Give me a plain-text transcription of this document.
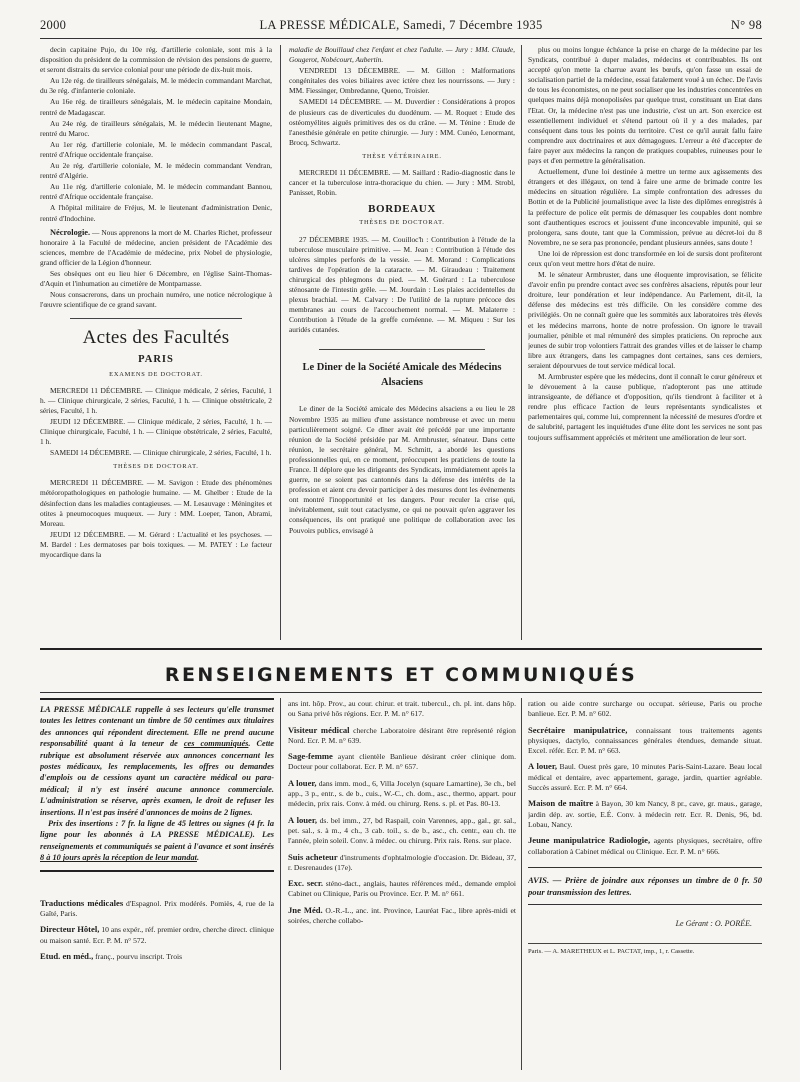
2000	LA PRESSE MÉDICALE, Samedi, 7 Décembre 1935	N° 98

decin capitaine Pujo, du 10e rég. d'artillerie coloniale, sont mis à la disposition du président de la commission de révision des pensions de guerre, et seront distraits du service colonial pour une période de dix-huit mois.

Au 12e rég. de tirailleurs sénégalais, M. le médecin commandant Marchat, du 3e rég. d'infanterie coloniale.

Au 16e rég. de tirailleurs sénégalais, M. le médecin capitaine Mondain, rentré de Madagascar.

Au 24e rég. de tirailleurs sénégalais, M. le médecin lieutenant Magne, rentré du Maroc.

Au 1er rég. d'artillerie coloniale, M. le médecin commandant Pascal, rentré d'Afrique occidentale française.

Au 2e rég. d'artillerie coloniale, M. le médecin commandant Vendran, rentré d'Algérie.

Au 11e rég. d'artillerie coloniale, M. le médecin commandant Bannou, rentré d'Afrique occidentale française.

A l'hôpital militaire de Fréjus, M. le lieutenant d'administration Denic, rentré d'Indochine.

Nécrologie. — Nous apprenons la mort de M. Charles Richet, professeur honoraire à la Faculté de médecine, ancien président de l'Académie des sciences, membre de l'Académie de médecine, prix Nobel de physiologie, grand officier de la Légion d'honneur.

Ses obsèques ont eu lieu hier 6 Décembre, en l'église Saint-Thomas-d'Aquin et l'inhumation au cimetière de Montparnasse.

Nous consacrerons, dans un prochain numéro, une notice nécrologique à l'œuvre scientifique de ce grand savant.

Actes des Facultés
PARIS
EXAMENS DE DOCTORAT.

MERCREDI 11 DÉCEMBRE. — Clinique médicale, 2 séries, Faculté, 1 h. — Clinique chirurgicale, 2 séries, Faculté, 1 h. — Clinique obstétricale, 2 séries, Faculté, 1 h.

JEUDI 12 DÉCEMBRE. — Clinique médicale, 2 séries, Faculté, 1 h. — Clinique chirurgicale, Faculté, 1 h. — Clinique obstétricale, 2 séries, Faculté, 1 h.

SAMEDI 14 DÉCEMBRE. — Clinique chirurgicale, 2 séries, Faculté, 1 h.

THÈSES DE DOCTORAT.

MERCREDI 11 DÉCEMBRE. — M. Savigon : Etude des phénomènes météoropathologiques en pathologie humaine. — M. Ghelber : Etude de la désinfection dans les maladies contagieuses. — M. Lesauvage : Méningites et otites à pneumocoques muqueux. — Jury : MM. Loeper, Tanon, Abrami, Moreau.

JEUDI 12 DÉCEMBRE. — M. Gérard : L'actualité et les psychoses. — M. Bardel : Les dermatoses par bois toxiques. — M. PATEY : Le facteur myocardique dans la

maladie de Bouillaud chez l'enfant et chez l'adulte. — Jury : MM. Claude, Gougerot, Nobécourt, Aubertin.

VENDREDI 13 DÉCEMBRE. — M. Gillon : Malformations congénitales des voies biliaires avec ictère chez les nourrissons. — Jury : MM. Fiessinger, Ombredanne, Queno, Troisier.

SAMEDI 14 DÉCEMBRE. — M. Duverdier : Considérations à propos de plusieurs cas de diverticules du duodénum. — M. Roquet : Etude des ostéomyélites aiguës primitives des os du crâne. — M. Ténine : Etude de l'anesthésie générale en petite chirurgie. — Jury : MM. Cunéo, Lenormant, Brocq, Schwartz.

THÈSE VÉTÉRINAIRE.

MERCREDI 11 DÉCEMBRE. — M. Saillard : Radio-diagnostic dans le cancer et la tuberculose intra-thoracique du chien. — Jury : MM. Strobl, Panisset, Robin.

BORDEAUX
THÈSES DE DOCTORAT.

27 DÉCEMBRE 1935. — M. Couilloc'h : Contribution à l'étude de la tuberculose musculaire primitive. — M. Jean : Contribution à l'étude des ulcères simples perforés de la vessie. — M. Morand : Complications tardives de l'opération de la cataracte. — M. Giraudeau : Traitement chirurgical des phlegmons du pied. — M. Guérard : La tuberculose sténosante de l'intestin grêle. — M. Jourdain : Les plaies accidentelles du plexus brachial. — M. Calvary : De l'utilité de la rupture précoce des membranes au cours de l'accouchement normal. — M. Malaterre : Contribution à l'étude de la greffe cornéenne. — M. Miqueu : Sur les auridés cutanées.

Le Diner de la Société Amicale des Médecins Alsaciens

Le diner de la Société amicale des Médecins alsaciens a eu lieu le 28 Novembre 1935 au milieu d'une assistance nombreuse et avec un menu particulièrement soigné. Ce dîner avait été précédé par une importante réunion de la Société présidée par M. Armbruster, sénateur. Dans cette réunion, le secrétaire général, M. Schmitt, a abordé les questions professionnelles qui, en ce moment, préoccupent les praticiens de toute la France. Il déplore que les dirigeants des Syndicats, immédiatement après la guerre, ne se soient pas cantonnés dans la défense des intérêts de la profession et aient cru devoir participer à des mesures dont les événements ont montré l'inopportunité et les dangers. Pour reculer la crise qui, inévitablement, suit tout cataclysme, ce qui ne pouvait qu'en aggraver les conséquences, ils ont pratiqué une politique de collaboration avec les Pouvoirs publics, envisagé à

plus ou moins longue échéance la prise en charge de la médecine par les Syndicats, contribué à duper malades, médecins et contribuables. Ils ont accepté qu'on mette la charrue avant les bœufs, qu'on fasse un essai de socialisation partiel de la médecine, essai fatalement voué à un échec. De l'avis de tous les économistes, on ne peut socialiser que les industries concentrées en quelques mains déjà monopolisées par quelque trust, constituant un Etat dans l'Etat. Or, la médecine n'est pas une industrie, c'est un art. Son exercice est essentiellement individuel et s'étend partout où il y a des malades, par conséquent dans tous les points du territoire. C'est ce qu'il aurait fallu faire comprendre aux doctrinaires et aux démagogues. L'erreur a été d'accepter de faire payer aux médecins la rançon de pratiques coupables, ruineuses pour le pays et d'en permettre la généralisation.

Actuellement, d'une loi destinée à mettre un terme aux agissements des étrangers et des illégaux, on tend à faire une arme de brimade contre les médecins en situation régulière. La simple confrontation des adresses du Bottin et de la Publicité journalistique avec la liste des diplômes enregistrés à la préfecture de police eût permis de démasquer les coupables dont nombre sont d'authentiques escrocs et jouissent d'une inconcevable impunité, qui se prolongera, sans doute, tant que la Commission, prévue au décret-loi du 8 Novembre, ne se sera pas prononcée, pendant plusieurs années, sans doute !

Une loi de répression est donc transformée en loi de sursis dont profiteront ceux qu'on veut mettre hors d'état de nuire.

M. le sénateur Armbruster, dans une éloquente improvisation, se félicite d'avoir enfin pu prendre contact avec ses confrères alsaciens, réputés pour leur droiture, leur pondération et leur indépendance. Au Parlement, dit-il, la défense des médecins est très difficile. On les considère comme des privilégiés. On ne connaît guère que les sommités aux laboratoires très élevés et les médecins marrons, honte de notre profession. On ignore le travail journalier, pénible et mal rémunéré des simples praticiens. On reproche aux jeunes de subir trop volontiers l'attrait des grandes villes et de laisser le champ libre aux étrangers, dans les campagnes dont certaines, sans ces derniers, seraient dépourvues de tout service médical local.

M. Armbruster espère que les médecins, dont il connaît le cœur généreux et le dévouement à la cause publique, n'adopteront pas une attitude intransigeante, de défiance et d'opposition, qu'ils tiendront à faciliter et à rendre plus efficace l'action de leurs représentants syndicalistes et parlementaires qui, comme lui, comprennent la nécessité de mesures d'ordre et de salubrité, partagent les inquiétudes d'une élite dont les services ne sont pas toujours suffisamment appréciés et méritent une amélioration de leur sort.

RENSEIGNEMENTS ET COMMUNIQUÉS
LA PRESSE MÉDICALE rappelle à ses lecteurs qu'elle transmet toutes les lettres contenant un timbre de 50 centimes aux titulaires des annonces qui répondent directement. Elle ne prend aucune responsabilité quant à la teneur de ces communiqués. Cette rubrique est absolument réservée aux annonces concernant les postes médicaux, les remplacements, les offres ou demandes d'emplois ou de cessions ayant un caractère médical ou para-médical; il n'y est inséré aucune annonce commerciale. L'administration se réserve, après examen, le droit de refuser les insertions. Il n'est pas inséré d'annonces de moins de 2 lignes.
Prix des insertions : 7 fr. la ligne de 45 lettres ou signes (4 fr. la ligne pour les abonnés à LA PRESSE MÉDICALE). Les renseignements et communiqués se paient à l'avance et sont insérés 8 à 10 jours après la réception de leur mandat.
Traductions médicales d'Espagnol. Prix modérés. Pomiès, 4, rue de la Gaîté, Paris.
Directeur Hôtel, 10 ans expér., réf. premier ordre, cherche direct. clinique ou maison santé. Ecr. P. M. n° 572.
Etud. en méd., franç., pourvu inscript. Trois
ans int. hôp. Prov., au cour. chirur. et trait. tubercul., ch. pl. int. dans hôp. ou Sana privé hôs régions. Ecr. P. M. n° 617.
Visiteur médical cherche Laboratoire désirant être représenté région Nord. Ecr. P. M. n° 639.
Sage-femme ayant clientèle Banlieue désirant créer clinique dom. Docteur pour collaborat. Ecr. P. M. n° 657.
A louer, dans imm. mod., 6, Villa Jocelyn (square Lamartine), 3e ch., bel app., 3 p., entr., s. de b., cuis., W.-C., ch. dom., asc., thermo, appart. pour médecin, prix rais. Conv. à méd. ou chirurg. Rens. s. pl. et Pas. 80-13.
A louer, ds. bel imm., 27, bd Raspail, coin Varennes, app., gal., gr. sal., pet. sal., s. à m., 4 ch., 3 cab. toil., s. de b., asc., ch. centr., eau ch. tte l'année, plein soleil. Conv. à médec. ou chirurg. Prix rais. Rens. sur place.
Suis acheteur d'instruments d'ophtalmologie d'occasion. Dr. Bideau, 37, r. Desrenaudes (17e).
Exc. secr. sténo-dact., anglais, hautes références méd., demande emploi Cabinet ou Clinique, Paris ou Province. Ecr. P. M. n° 661.
Jne Méd. O.-R.-L., anc. int. Province, Lauréat Fac., libre après-midi et soirées, cherche collabo-
ration ou aide contre surcharge ou occupat. sérieuse, Paris ou proche banlieue. Ecr. P. M. n° 602.
Secrétaire manipulatrice, connaissant tous traitements agents physiques, dactylo, connaissances générales étendues, demande situat. Excel. référ. Ecr. P. M. n° 663.
A louer, Baul. Ouest près gare, 10 minutes Paris-Saint-Lazare. Beau local médical et dentaire, avec appartement, garage, jardin, quartier agréable. Succès assuré. Ecr. P. M. n° 664.
Maison de maître à Bayon, 30 km Nancy, 8 pr., cave, gr. maus., garage, jardin dép. av. sortie, E.É. Conv. à médecin retr. Ecr. R. Denis, 96, bd. Lobau, Nancy.
Jeune manipulatrice Radiologie, agents physiques, secrétaire, offre collaboration à Cabinet médical ou Clinique. Ecr. P. M. n° 666.
AVIS. — Prière de joindre aux réponses un timbre de 0 fr. 50 pour transmission des lettres.
Le Gérant : O. PORÉE.
Paris. — A. MARETHEUX et L. PACTAT, imp., 1, r. Cassette.
